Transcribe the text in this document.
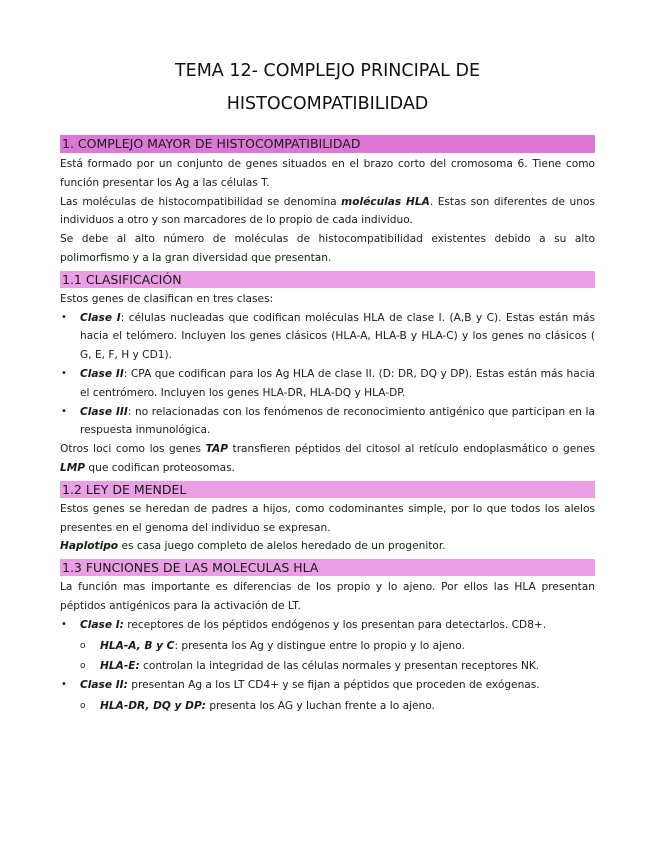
TEMA 12- COMPLEJO PRINCIPAL DE
HISTOCOMPATIBILIDAD
1. COMPLEJO MAYOR DE HISTOCOMPATIBILIDAD

Está formado por un conjunto de genes situados en el brazo corto del cromosoma 6. Tiene como función presentar los Ag a las células T.

Las moléculas de histocompatibilidad se denomina moléculas HLA. Estas son diferentes de unos individuos a otro y son marcadores de lo propio de cada individuo.

Se debe al alto número de moléculas de histocompatibilidad existentes debido a su alto polimorfismo y a la gran diversidad que presentan.

1.1 CLASIFICACIÓN

Estos genes de clasifican en tres clases:

• Clase I: células nucleadas que codifican moléculas HLA de clase I. (A,B y C). Estas están más hacia el telómero. Incluyen los genes clásicos (HLA-A, HLA-B y HLA-C) y los genes no clásicos ( G, E, F, H y CD1).
• Clase II: CPA que codifican para los Ag HLA de clase II. (D: DR, DQ y DP). Estas están más hacia el centrómero. Incluyen los genes HLA-DR, HLA-DQ y HLA-DP.
• Clase III: no relacionadas con los fenómenos de reconocimiento antigénico que participan en la respuesta inmunológica.

Otros loci como los genes TAP transfieren péptidos del citosol al retículo endoplasmático o genes LMP que codifican proteosomas.

1.2 LEY DE MENDEL

Estos genes se heredan de padres a hijos, como codominantes simple, por lo que todos los alelos presentes en el genoma del individuo se expresan.

Haplotipo es casa juego completo de alelos heredado de un progenitor.

1.3 FUNCIONES DE LAS MOLECULAS HLA

La función mas importante es diferencias de los propio y lo ajeno. Por ellos las HLA presentan péptidos antigénicos para la activación de LT.

• Clase I: receptores de los péptidos endógenos y los presentan para detectarlos. CD8+.
o HLA-A, B y C: presenta los Ag y distingue entre lo propio y lo ajeno.
o HLA-E: controlan la integridad de las células normales y presentan receptores NK.
• Clase II: presentan Ag a los LT CD4+ y se fijan a péptidos que proceden de exógenas.
o HLA-DR, DQ y DP: presenta los AG y luchan frente a lo ajeno.
